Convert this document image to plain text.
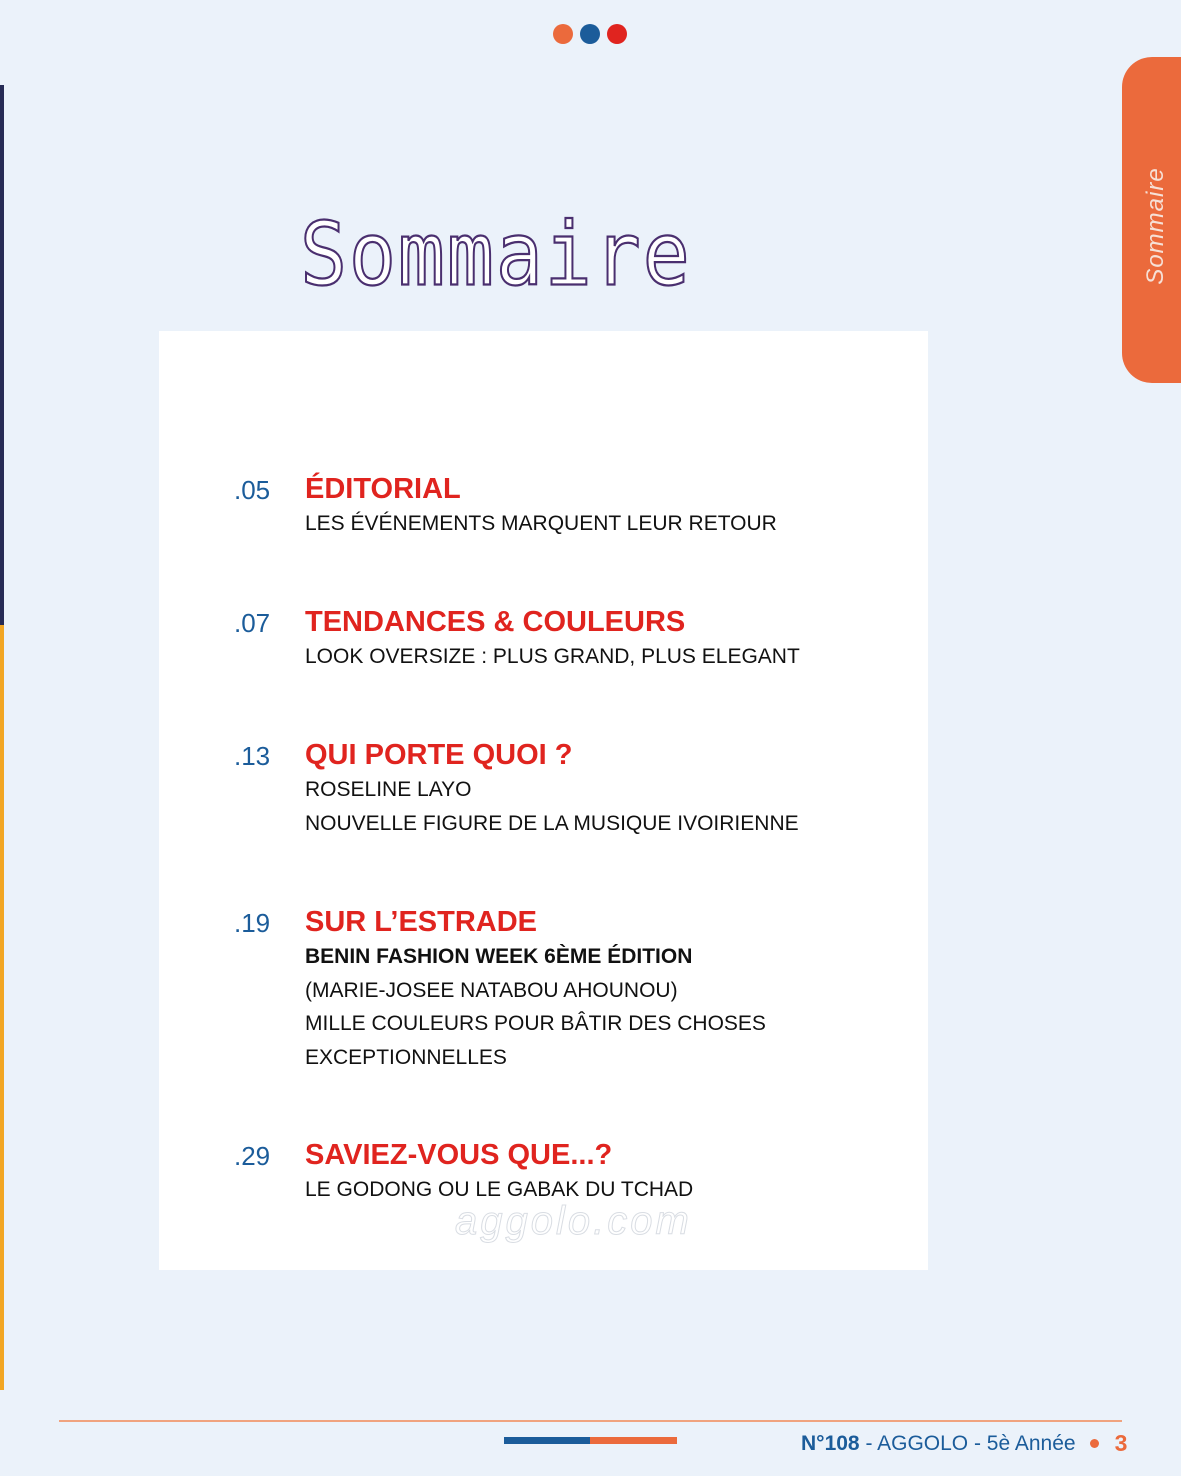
Sommaire
Sommaire
.05 ÉDITORIAL
LES ÉVÉNEMENTS MARQUENT LEUR RETOUR
.07 TENDANCES & COULEURS
LOOK OVERSIZE : PLUS GRAND, PLUS ELEGANT
.13 QUI PORTE QUOI ?
ROSELINE LAYO
NOUVELLE FIGURE DE LA MUSIQUE IVOIRIENNE
.19 SUR L’ESTRADE
BENIN FASHION WEEK 6ÈME ÉDITION
(MARIE-JOSEE NATABOU AHOUNOU)
MILLE COULEURS POUR BÂTIR DES CHOSES
EXCEPTIONNELLES
.29 SAVIEZ-VOUS QUE...?
LE GODONG OU LE GABAK DU TCHAD
aggolo.com
N°108 - AGGOLO - 5è Année 3
